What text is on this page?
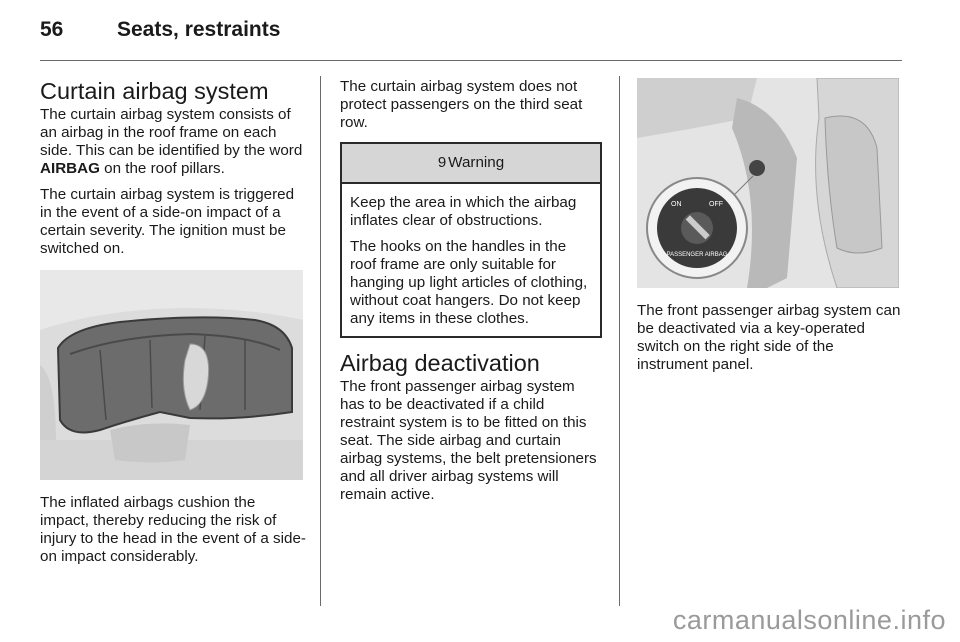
56	Seats, restraints
Curtain airbag system

The curtain airbag system consists of an airbag in the roof frame on each side. This can be identified by the word AIRBAG on the roof pillars.

The curtain airbag system is triggered in the event of a side-on impact of a certain severity. The ignition must be switched on.

The inflated airbags cushion the impact, thereby reducing the risk of injury to the head in the event of a side-on impact considerably.

The curtain airbag system does not protect passengers on the third seat row.

9 Warning

Keep the area in which the airbag inflates clear of obstructions.

The hooks on the handles in the roof frame are only suitable for hanging up light articles of clothing, without coat hangers. Do not keep any items in these clothes.

Airbag deactivation

The front passenger airbag system has to be deactivated if a child restraint system is to be fitted on this seat. The side airbag and curtain airbag systems, the belt pretensioners and all driver airbag systems will remain active.

ON	OFF
PASSENGER AIRBAG

The front passenger airbag system can be deactivated via a key-operated switch on the right side of the instrument panel.

carmanualsonline.info
